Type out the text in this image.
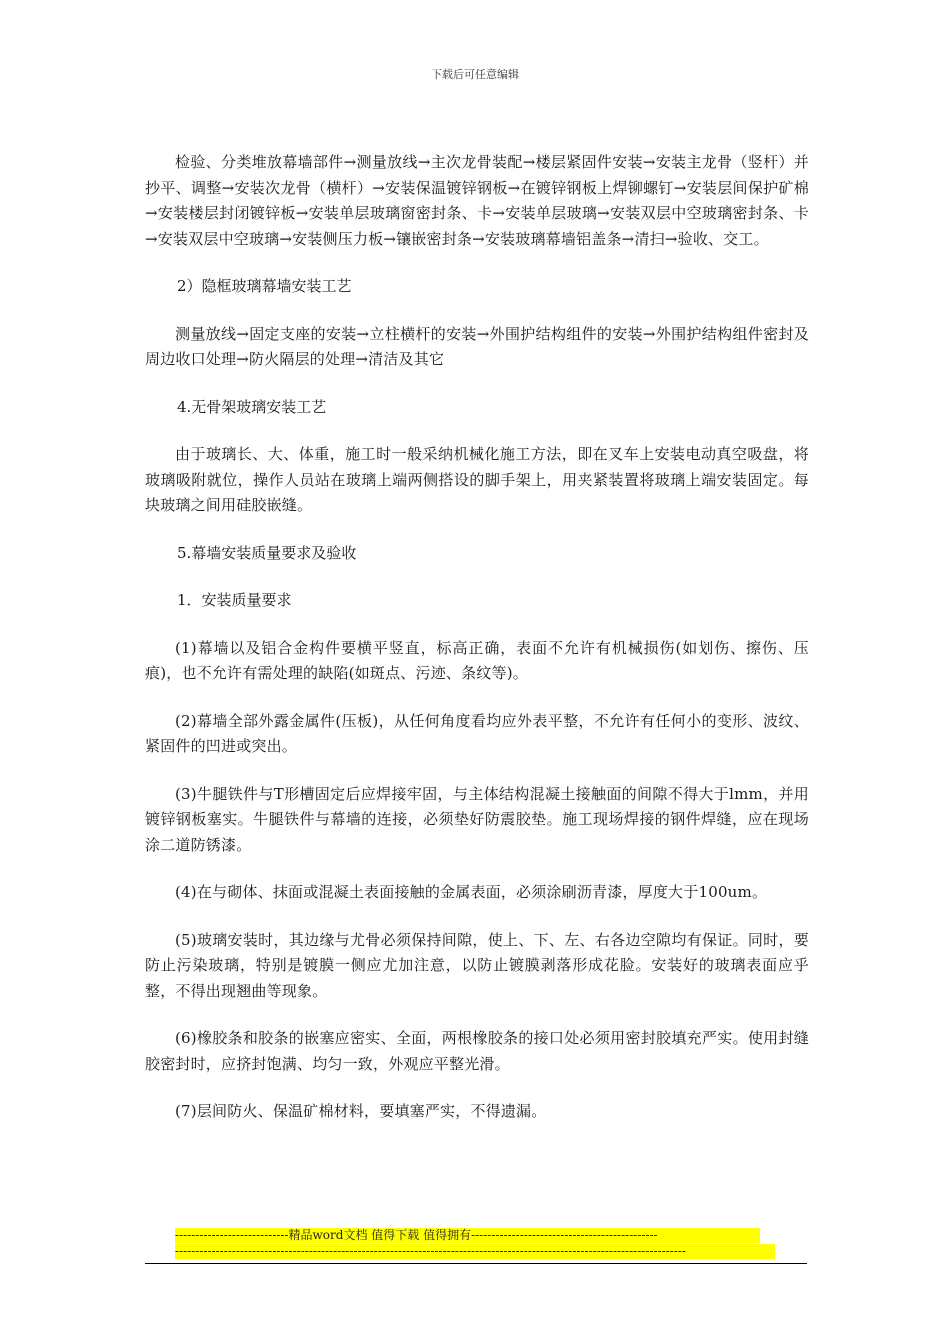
下载后可任意编辑

检验、分类堆放幕墙部件→测量放线→主次龙骨装配→楼层紧固件安装→安装主龙骨（竖杆）并抄平、调整→安装次龙骨（横杆）→安装保温镀锌钢板→在镀锌钢板上焊铆螺钉→安装层间保护矿棉→安装楼层封闭镀锌板→安装单层玻璃窗密封条、卡→安装单层玻璃→安装双层中空玻璃密封条、卡→安装双层中空玻璃→安装侧压力板→镶嵌密封条→安装玻璃幕墙铝盖条→清扫→验收、交工。

2）隐框玻璃幕墙安装工艺

测量放线→固定支座的安装→立柱横杆的安装→外围护结构组件的安装→外围护结构组件密封及周边收口处理→防火隔层的处理→清洁及其它

4.无骨架玻璃安装工艺

由于玻璃长、大、体重，施工时一般采纳机械化施工方法，即在叉车上安装电动真空吸盘，将玻璃吸附就位，操作人员站在玻璃上端两侧搭设的脚手架上，用夹紧装置将玻璃上端安装固定。每块玻璃之间用硅胶嵌缝。

5.幕墙安装质量要求及验收

1．安装质量要求

(1)幕墙以及铝合金构件要横平竖直，标高正确，表面不允许有机械损伤(如划伤、擦伤、压痕)，也不允许有需处理的缺陷(如斑点、污迹、条纹等)。

(2)幕墙全部外露金属件(压板)，从任何角度看均应外表平整，不允许有任何小的变形、波纹、紧固件的凹进或突出。

(3)牛腿铁件与T形槽固定后应焊接牢固，与主体结构混凝土接触面的间隙不得大于lmm，并用镀锌钢板塞实。牛腿铁件与幕墙的连接，必须垫好防震胶垫。施工现场焊接的钢件焊缝，应在现场涂二道防锈漆。

(4)在与砌体、抹面或混凝土表面接触的金属表面，必须涂刷沥青漆，厚度大于100um。

(5)玻璃安装时，其边缘与尤骨必须保持间隙，使上、下、左、右各边空隙均有保证。同时，要防止污染玻璃，特别是镀膜一侧应尤加注意，以防止镀膜剥落形成花脸。安装好的玻璃表面应乎整，不得出现翘曲等现象。

(6)橡胶条和胶条的嵌塞应密实、全面，两根橡胶条的接口处必须用密封胶填充严实。使用封缝胶密封时，应挤封饱满、均匀一致，外观应平整光滑。

(7)层间防火、保温矿棉材料，要填塞严实，不得遗漏。

----------------------------精品word文档 值得下载 值得拥有----------------------------------------------
------------------------------------------------------------------------------------------------------------------------------
